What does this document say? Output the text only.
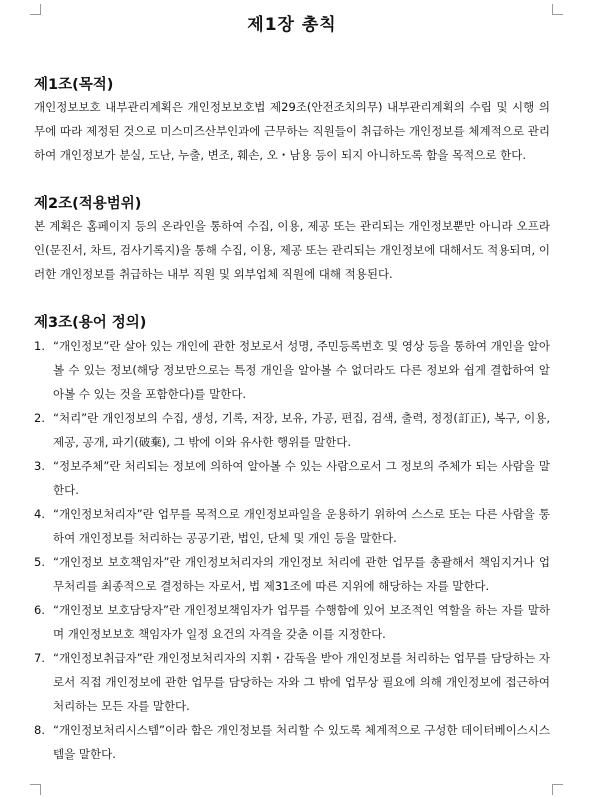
제1장 총칙
제1조(목적)

개인정보보호 내부관리계획은 개인정보보호법 제29조(안전조치의무) 내부관리계획의 수립 및 시행 의무에 따라 제정된 것으로 미스미즈산부인과에 근무하는 직원들이 취급하는 개인정보를 체계적으로 관리하여 개인정보가 분실, 도난, 누출, 변조, 훼손, 오・남용 등이 되지 아니하도록 함을 목적으로 한다.

제2조(적용범위)

본 계획은 홈페이지 등의 온라인을 통하여 수집, 이용, 제공 또는 관리되는 개인정보뿐만 아니라 오프라인(문진서, 차트, 검사기록지)을 통해 수집, 이용, 제공 또는 관리되는 개인정보에 대해서도 적용되며, 이러한 개인정보를 취급하는 내부 직원 및 외부업체 직원에 대해 적용된다.

제3조(용어 정의)
1. “개인정보”란 살아 있는 개인에 관한 정보로서 성명, 주민등록번호 및 영상 등을 통하여 개인을 알아볼 수 있는 정보(해당 정보만으로는 특정 개인을 알아볼 수 없더라도 다른 정보와 쉽게 결합하여 알아볼 수 있는 것을 포함한다)를 말한다.
2. “처리”란 개인정보의 수집, 생성, 기록, 저장, 보유, 가공, 편집, 검색, 출력, 정정(訂正), 복구, 이용, 제공, 공개, 파기(破棄), 그 밖에 이와 유사한 행위를 말한다.
3. “정보주체”란 처리되는 정보에 의하여 알아볼 수 있는 사람으로서 그 정보의 주체가 되는 사람을 말한다.
4. “개인정보처리자”란 업무를 목적으로 개인정보파일을 운용하기 위하여 스스로 또는 다른 사람을 통하여 개인정보를 처리하는 공공기관, 법인, 단체 및 개인 등을 말한다.
5. “개인정보 보호책임자”란 개인정보처리자의 개인정보 처리에 관한 업무를 총괄해서 책임지거나 업무처리를 최종적으로 결정하는 자로서, 법 제31조에 따른 지위에 해당하는 자를 말한다.
6. “개인정보 보호담당자”란 개인정보책임자가 업무를 수행함에 있어 보조적인 역할을 하는 자를 말하며 개인정보보호 책임자가 일정 요건의 자격을 갖춘 이를 지정한다.
7. “개인정보취급자”란 개인정보처리자의 지휘・감독을 받아 개인정보를 처리하는 업무를 담당하는 자로서 직접 개인정보에 관한 업무를 담당하는 자와 그 밖에 업무상 필요에 의해 개인정보에 접근하여 처리하는 모든 자를 말한다.
8. “개인정보처리시스템”이라 함은 개인정보를 처리할 수 있도록 체계적으로 구성한 데이터베이스시스템을 말한다.
